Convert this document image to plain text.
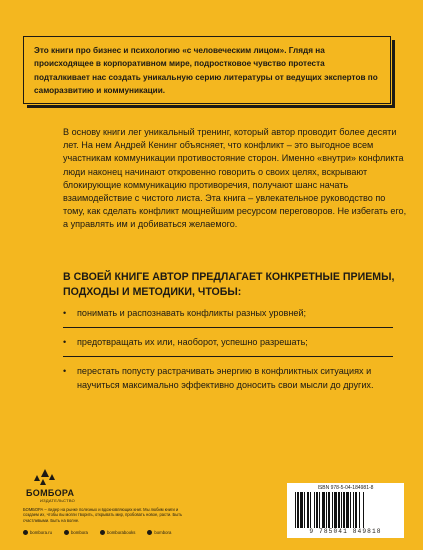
Это книги про бизнес и психологию «с человеческим лицом». Глядя на происходящее в корпоративном мире, подростковое чувство протеста подталкивает нас создать уникальную серию литературы от ведущих экспертов по саморазвитию и коммуникации.
В основу книги лег уникальный тренинг, который автор проводит более десяти лет. На нем Андрей Кенинг объясняет, что конфликт – это выгодное всем участникам коммуникации противостояние сторон. Именно «внутри» конфликта люди наконец начинают откровенно говорить о своих целях, вскрывают блокирующие коммуникацию противоречия, получают шанс начать взаимодействие с чистого листа. Эта книга – увлекательное руководство по тому, как сделать конфликт мощнейшим ресурсом переговоров. Не избегать его, а управлять им и добиваться желаемого.
В СВОЕЙ КНИГЕ АВТОР ПРЕДЛАГАЕТ КОНКРЕТНЫЕ ПРИЕМЫ, ПОДХОДЫ И МЕТОДИКИ, ЧТОБЫ:
• понимать и распознавать конфликты разных уровней;
• предотвращать их или, наоборот, успешно разрешать;
• перестать попусту растрачивать энергию в конфликтных ситуациях и научиться максимально эффективно доносить свои мысли до других.
БОМБОРА
ИЗДАТЕЛЬСТВО
БОМБОРА – лидер на рынке полезных и вдохновляющих книг. Мы любим книги и создаем их, чтобы вы могли творить, открывать мир, пробовать новое, расти. Быть счастливыми. Быть на волне.
bombora.ru	bombora	bomborabooks	bombora
ISBN 978-5-04-184981-8
9 785041 849818
